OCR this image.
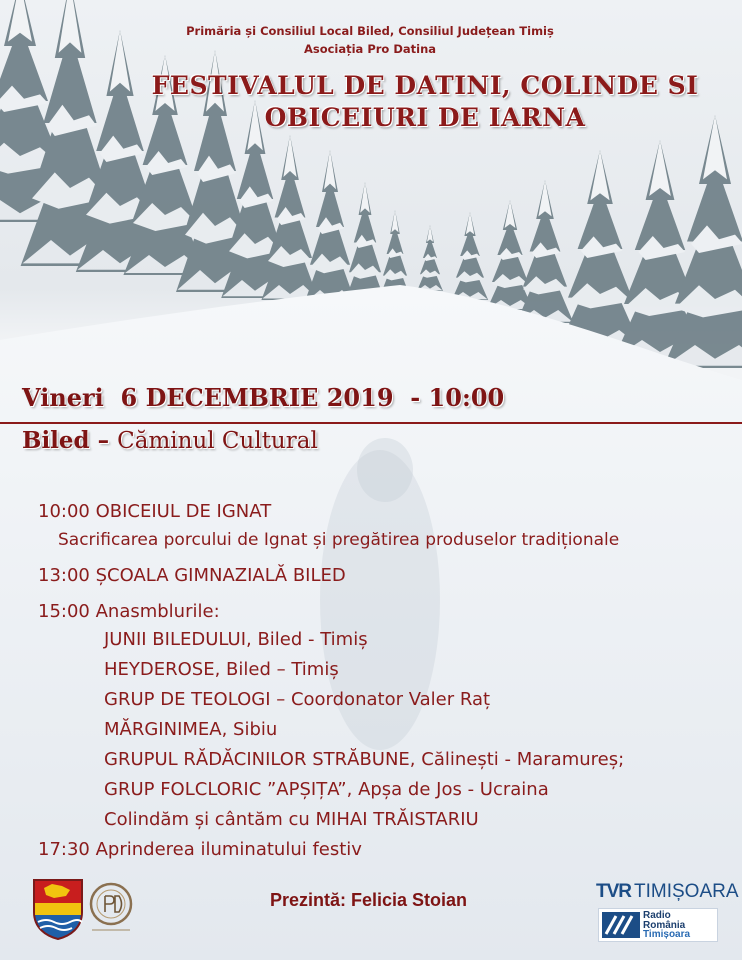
Primăria și Consiliul Local Biled, Consiliul Județean Timiș
Asociația Pro Datina
FESTIVALUL DE DATINI, COLINDE SI
OBICEIURI DE IARNA
Vineri  6 DECEMBRIE 2019  - 10:00
Biled – Căminul Cultural
10:00 OBICEIUL DE IGNAT
Sacrificarea porcului de Ignat și pregătirea produselor tradiționale
13:00 ȘCOALA GIMNAZIALĂ BILED
15:00 Anasmblurile:
JUNII BILEDULUI, Biled - Timiș
HEYDEROSE, Biled – Timiș
GRUP DE TEOLOGI – Coordonator Valer Raț
MĂRGINIMEA, Sibiu
GRUPUL RĂDĂCINILOR STRĂBUNE, Călinești - Maramureș;
GRUP FOLCLORIC ”APȘIȚA”, Apșa de Jos - Ucraina
Colindăm și cântăm cu MIHAI TRĂISTARIU
17:30 Aprinderea iluminatului festiv
Prezintă: Felicia Stoian	TVR TIMIȘOARA
Radio
România
Timișoara
